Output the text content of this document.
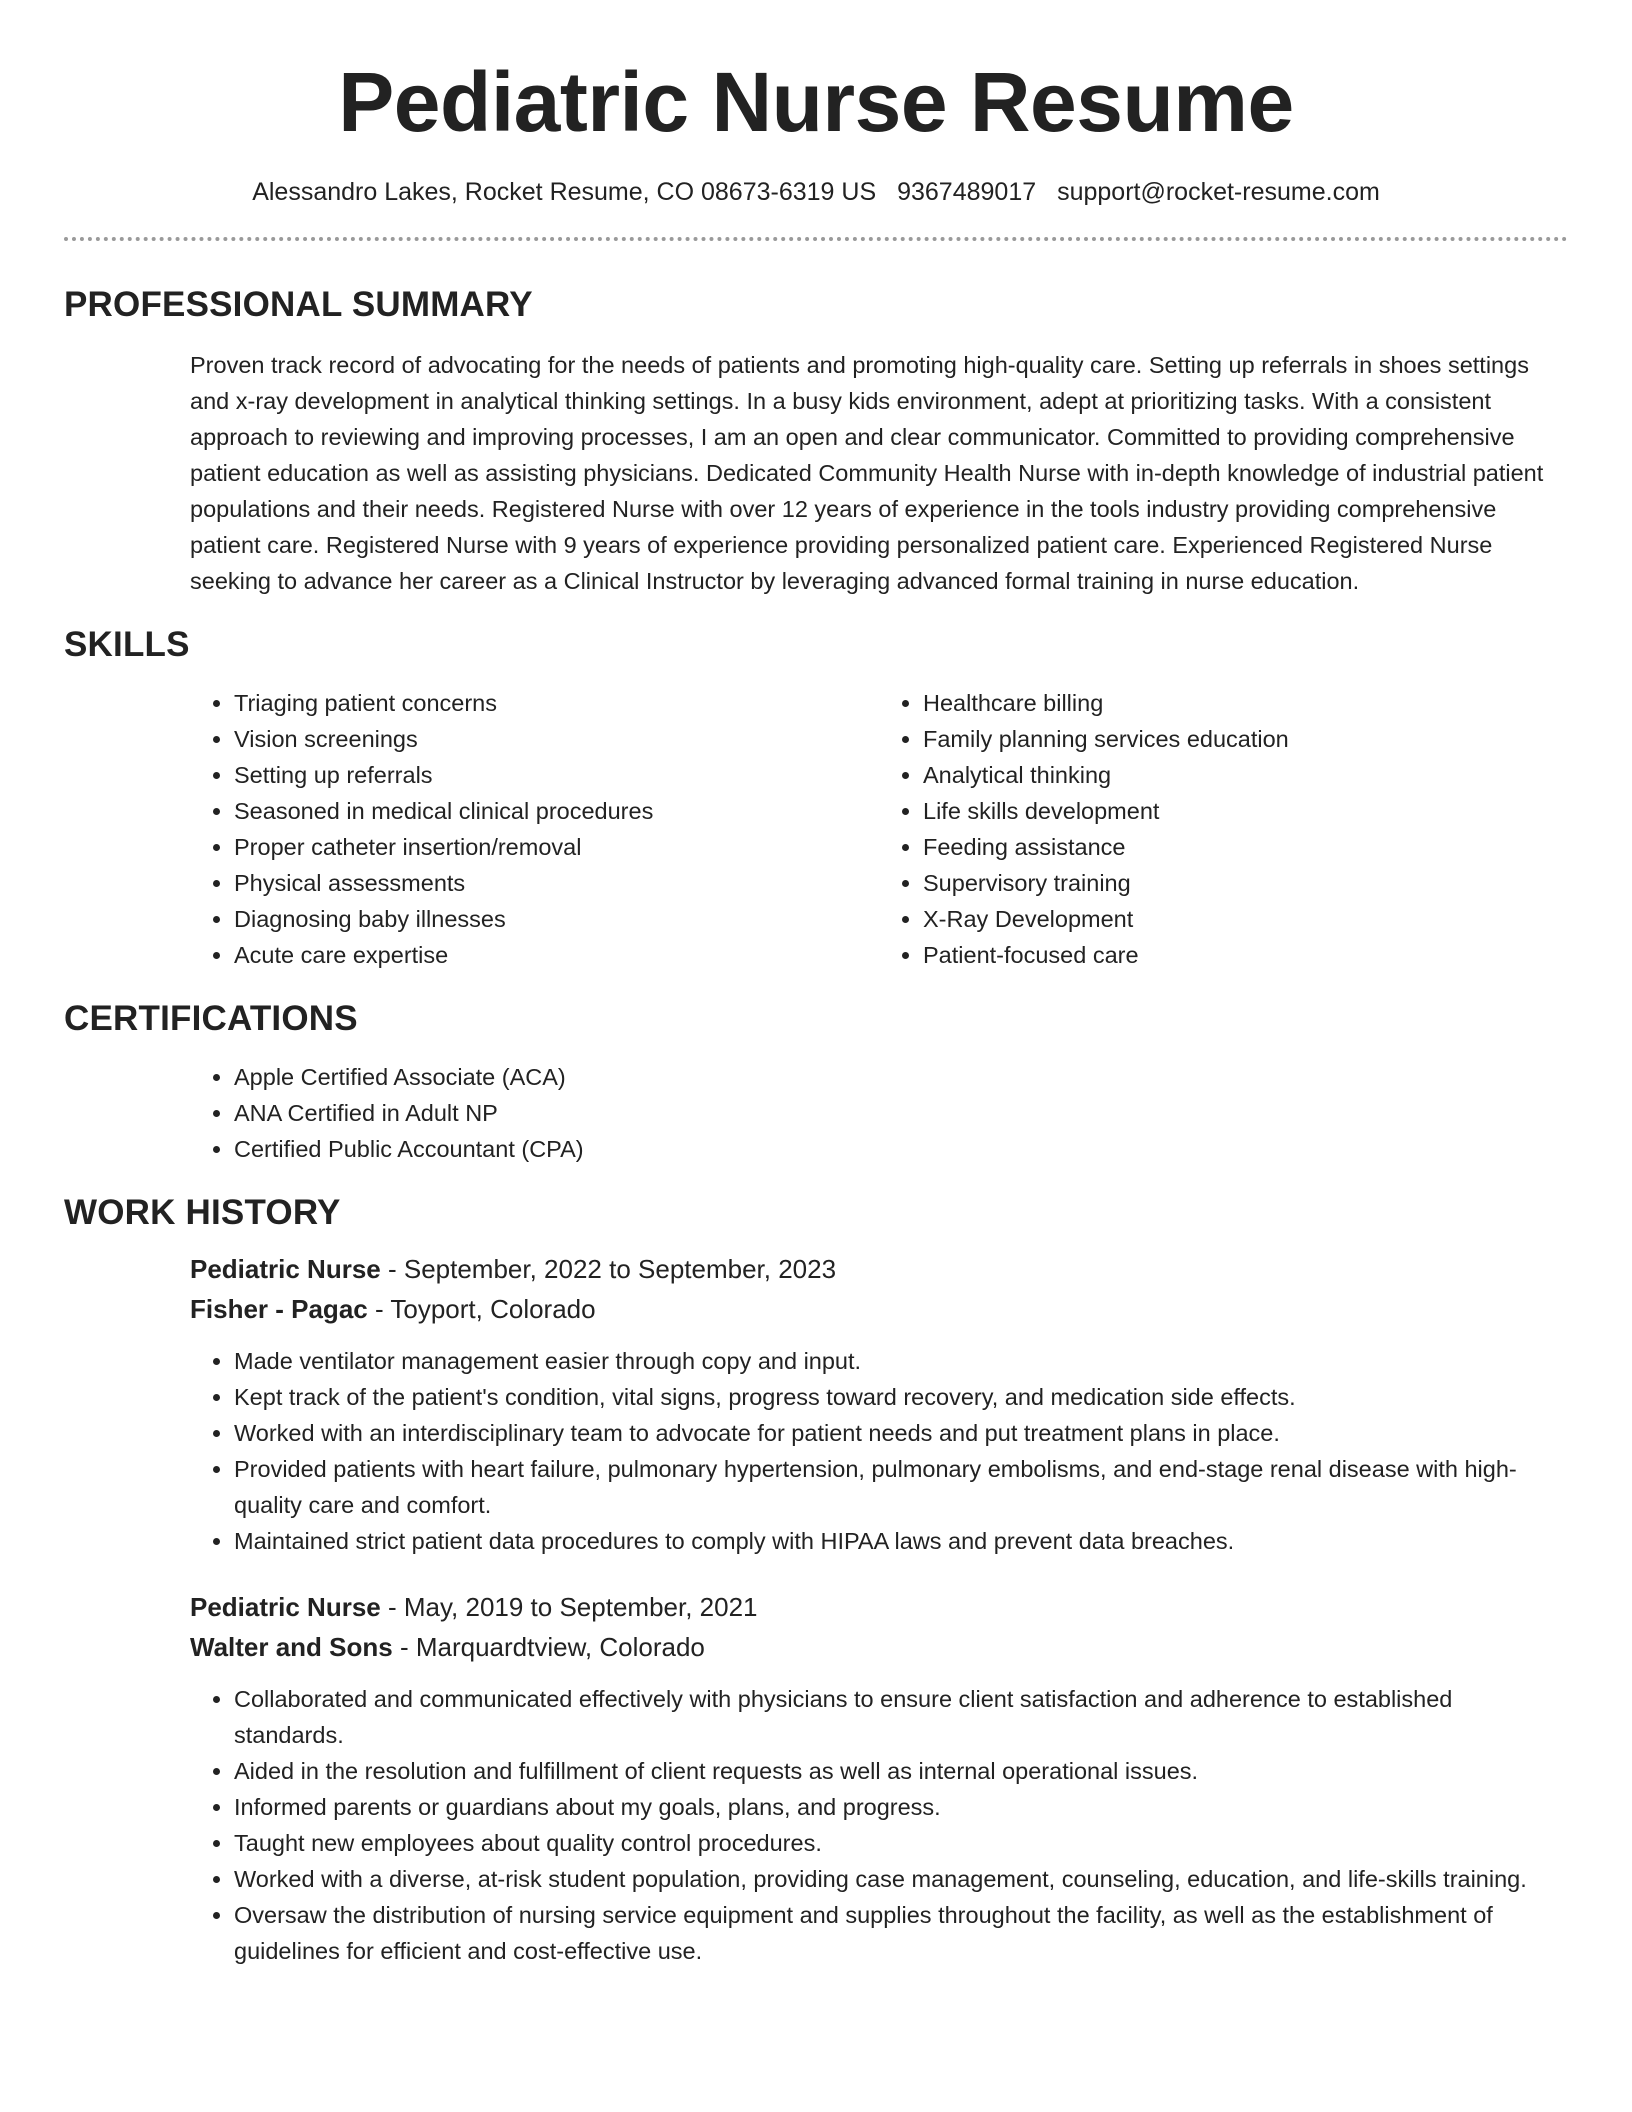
Pediatric Nurse Resume
Alessandro Lakes, Rocket Resume, CO 08673-6319 US 9367489017 support@rocket-resume.com
PROFESSIONAL SUMMARY

Proven track record of advocating for the needs of patients and promoting high-quality care. Setting up referrals in shoes settings and x-ray development in analytical thinking settings. In a busy kids environment, adept at prioritizing tasks. With a consistent approach to reviewing and improving processes, I am an open and clear communicator. Committed to providing comprehensive patient education as well as assisting physicians. Dedicated Community Health Nurse with in-depth knowledge of industrial patient populations and their needs. Registered Nurse with over 12 years of experience in the tools industry providing comprehensive patient care. Registered Nurse with 9 years of experience providing personalized patient care. Experienced Registered Nurse seeking to advance her career as a Clinical Instructor by leveraging advanced formal training in nurse education.

SKILLS
• Triaging patient concerns
• Vision screenings
• Setting up referrals
• Seasoned in medical clinical procedures
• Proper catheter insertion/removal
• Physical assessments
• Diagnosing baby illnesses
• Acute care expertise
• Healthcare billing
• Family planning services education
• Analytical thinking
• Life skills development
• Feeding assistance
• Supervisory training
• X-Ray Development
• Patient-focused care
CERTIFICATIONS
• Apple Certified Associate (ACA)
• ANA Certified in Adult NP
• Certified Public Accountant (CPA)
WORK HISTORY
Pediatric Nurse - September, 2022 to September, 2023
Fisher - Pagac - Toyport, Colorado
• Made ventilator management easier through copy and input.
• Kept track of the patient's condition, vital signs, progress toward recovery, and medication side effects.
• Worked with an interdisciplinary team to advocate for patient needs and put treatment plans in place.
• Provided patients with heart failure, pulmonary hypertension, pulmonary embolisms, and end-stage renal disease with high-quality care and comfort.
• Maintained strict patient data procedures to comply with HIPAA laws and prevent data breaches.
Pediatric Nurse - May, 2019 to September, 2021
Walter and Sons - Marquardtview, Colorado
• Collaborated and communicated effectively with physicians to ensure client satisfaction and adherence to established standards.
• Aided in the resolution and fulfillment of client requests as well as internal operational issues.
• Informed parents or guardians about my goals, plans, and progress.
• Taught new employees about quality control procedures.
• Worked with a diverse, at-risk student population, providing case management, counseling, education, and life-skills training.
• Oversaw the distribution of nursing service equipment and supplies throughout the facility, as well as the establishment of guidelines for efficient and cost-effective use.
